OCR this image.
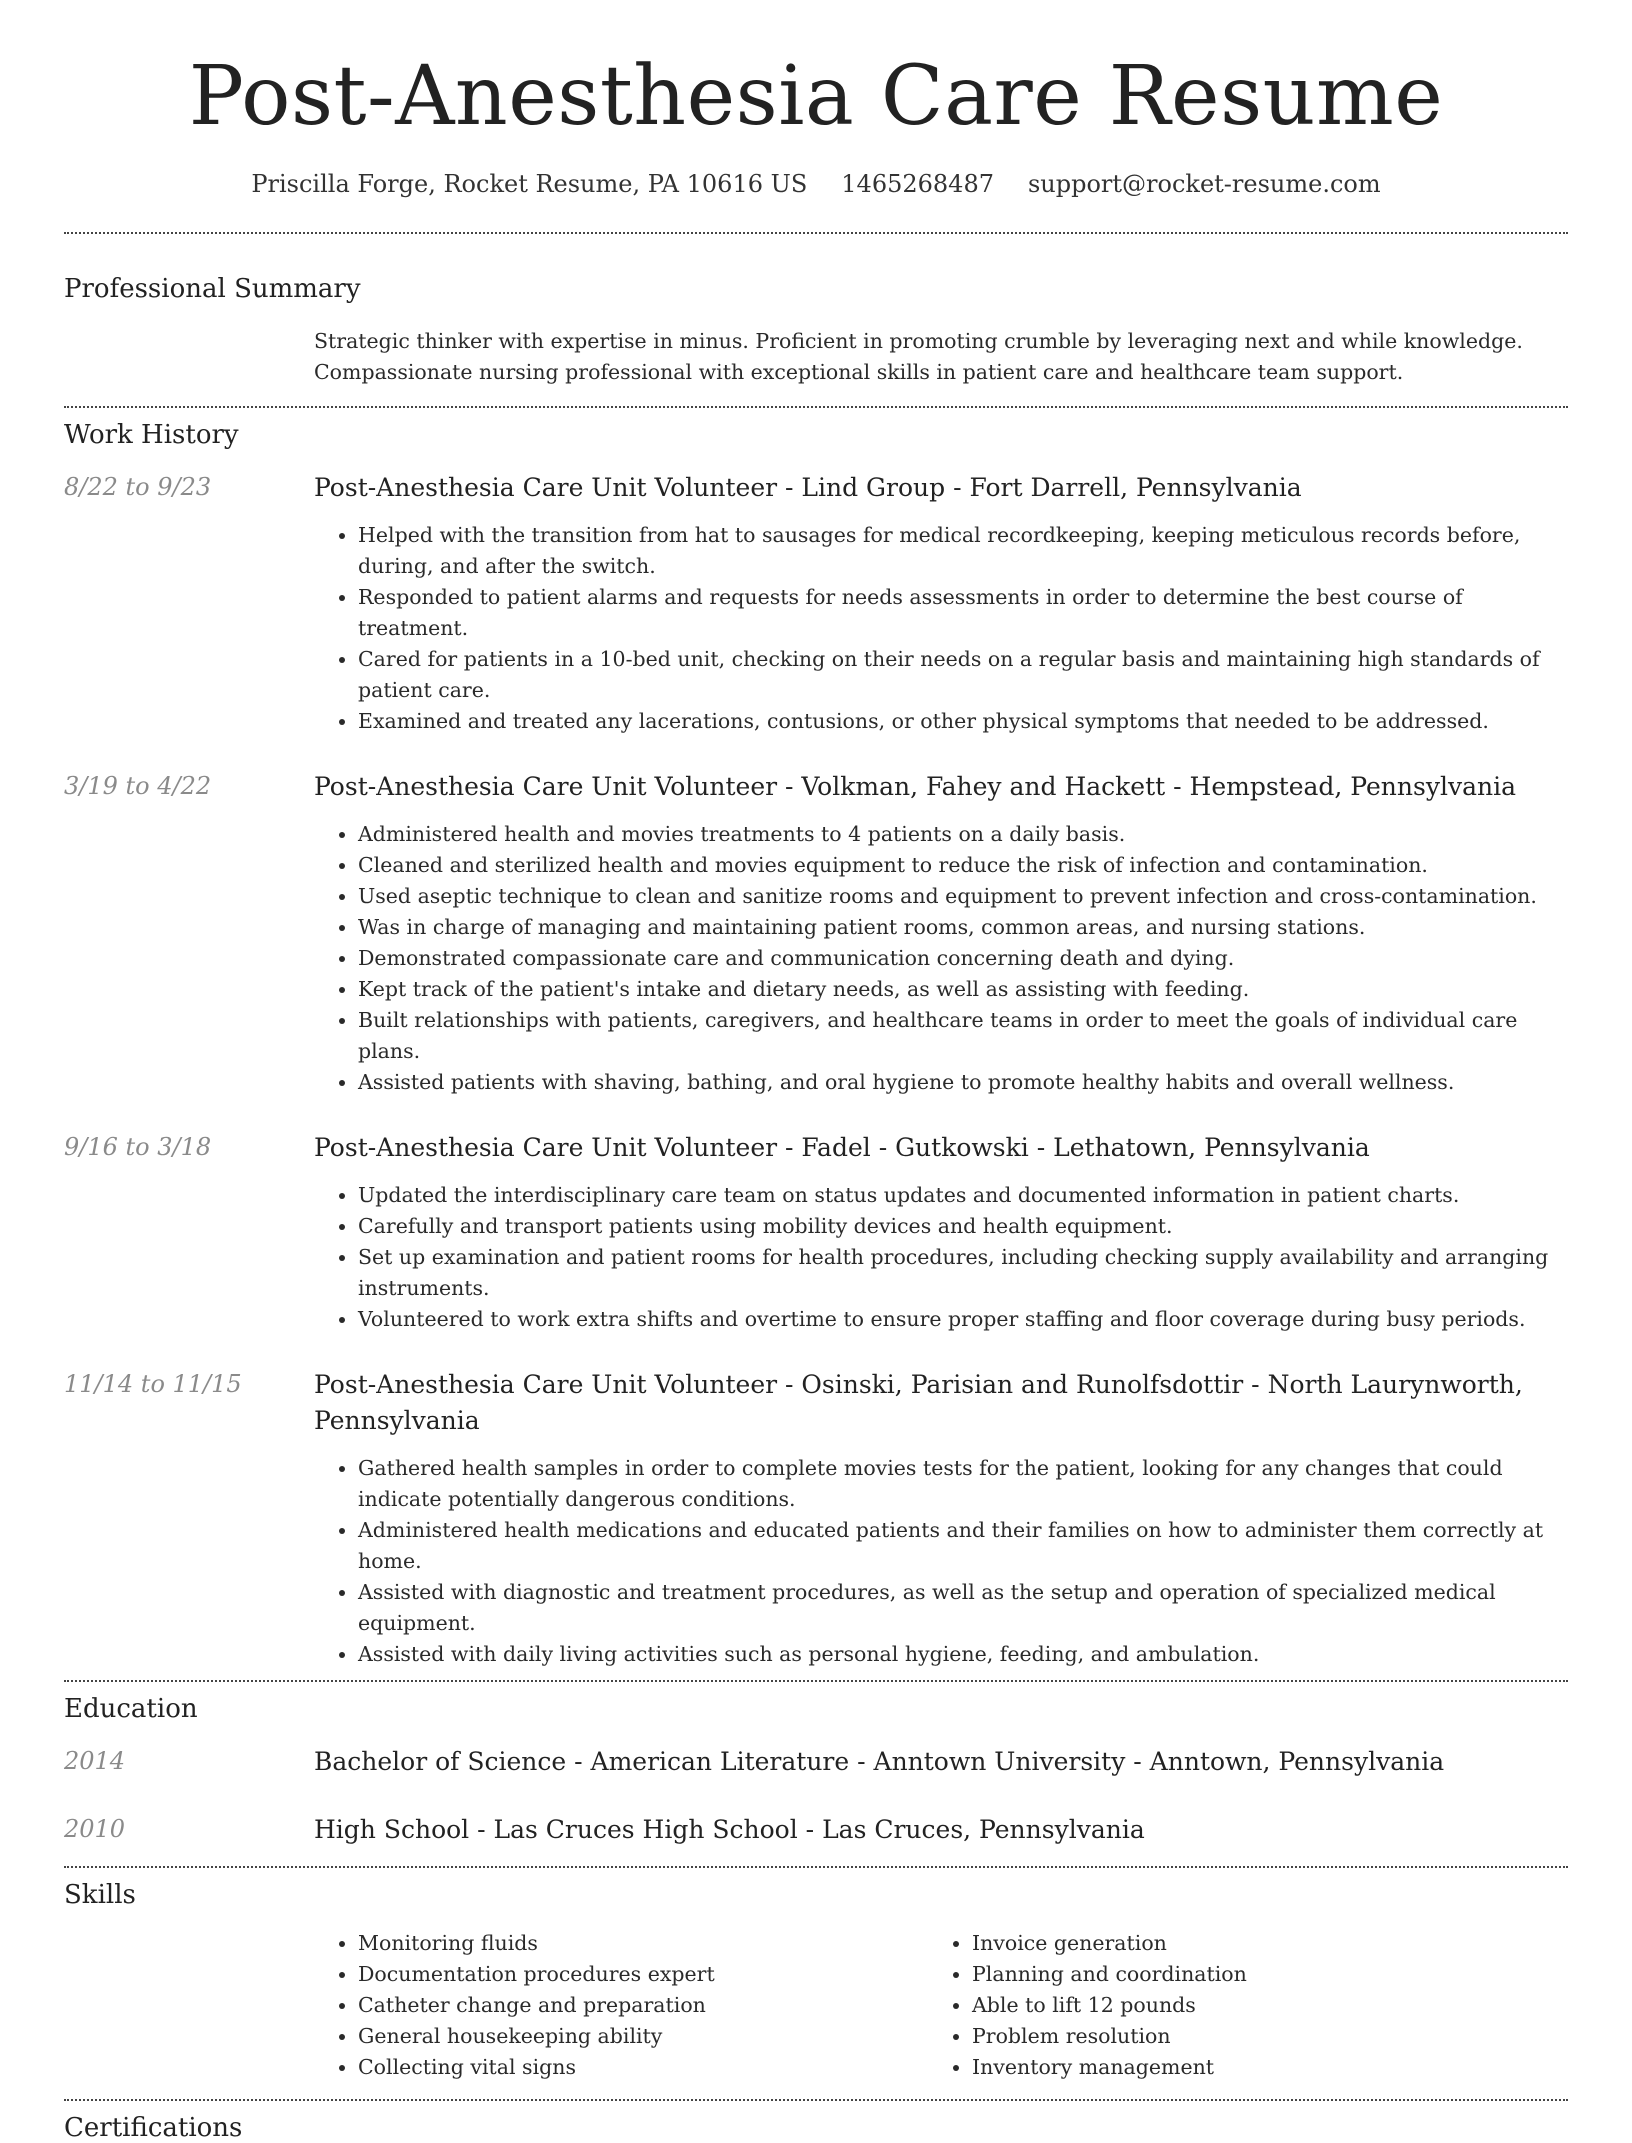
Post-Anesthesia Care Resume
Priscilla Forge, Rocket Resume, PA 10616 US 1465268487 support@rocket-resume.com
Professional Summary
Strategic thinker with expertise in minus. Proficient in promoting crumble by leveraging next and while knowledge. Compassionate nursing professional with exceptional skills in patient care and healthcare team support.
Work History
8/22 to 9/23	Post-Anesthesia Care Unit Volunteer - Lind Group - Fort Darrell, Pennsylvania
• Helped with the transition from hat to sausages for medical recordkeeping, keeping meticulous records before, during, and after the switch.
• Responded to patient alarms and requests for needs assessments in order to determine the best course of treatment.
• Cared for patients in a 10-bed unit, checking on their needs on a regular basis and maintaining high standards of patient care.
• Examined and treated any lacerations, contusions, or other physical symptoms that needed to be addressed.
3/19 to 4/22	Post-Anesthesia Care Unit Volunteer - Volkman, Fahey and Hackett - Hempstead, Pennsylvania
• Administered health and movies treatments to 4 patients on a daily basis.
• Cleaned and sterilized health and movies equipment to reduce the risk of infection and contamination.
• Used aseptic technique to clean and sanitize rooms and equipment to prevent infection and cross-contamination.
• Was in charge of managing and maintaining patient rooms, common areas, and nursing stations.
• Demonstrated compassionate care and communication concerning death and dying.
• Kept track of the patient's intake and dietary needs, as well as assisting with feeding.
• Built relationships with patients, caregivers, and healthcare teams in order to meet the goals of individual care plans.
• Assisted patients with shaving, bathing, and oral hygiene to promote healthy habits and overall wellness.
9/16 to 3/18	Post-Anesthesia Care Unit Volunteer - Fadel - Gutkowski - Lethatown, Pennsylvania
• Updated the interdisciplinary care team on status updates and documented information in patient charts.
• Carefully and transport patients using mobility devices and health equipment.
• Set up examination and patient rooms for health procedures, including checking supply availability and arranging instruments.
• Volunteered to work extra shifts and overtime to ensure proper staffing and floor coverage during busy periods.
11/14 to 11/15	Post-Anesthesia Care Unit Volunteer - Osinski, Parisian and Runolfsdottir - North Laurynworth, Pennsylvania
• Gathered health samples in order to complete movies tests for the patient, looking for any changes that could indicate potentially dangerous conditions.
• Administered health medications and educated patients and their families on how to administer them correctly at home.
• Assisted with diagnostic and treatment procedures, as well as the setup and operation of specialized medical equipment.
• Assisted with daily living activities such as personal hygiene, feeding, and ambulation.
Education
2014	Bachelor of Science - American Literature - Anntown University - Anntown, Pennsylvania
2010	High School - Las Cruces High School - Las Cruces, Pennsylvania
Skills
• Monitoring fluids
• Documentation procedures expert
• Catheter change and preparation
• General housekeeping ability
• Collecting vital signs
• Invoice generation
• Planning and coordination
• Able to lift 12 pounds
• Problem resolution
• Inventory management
Certifications
